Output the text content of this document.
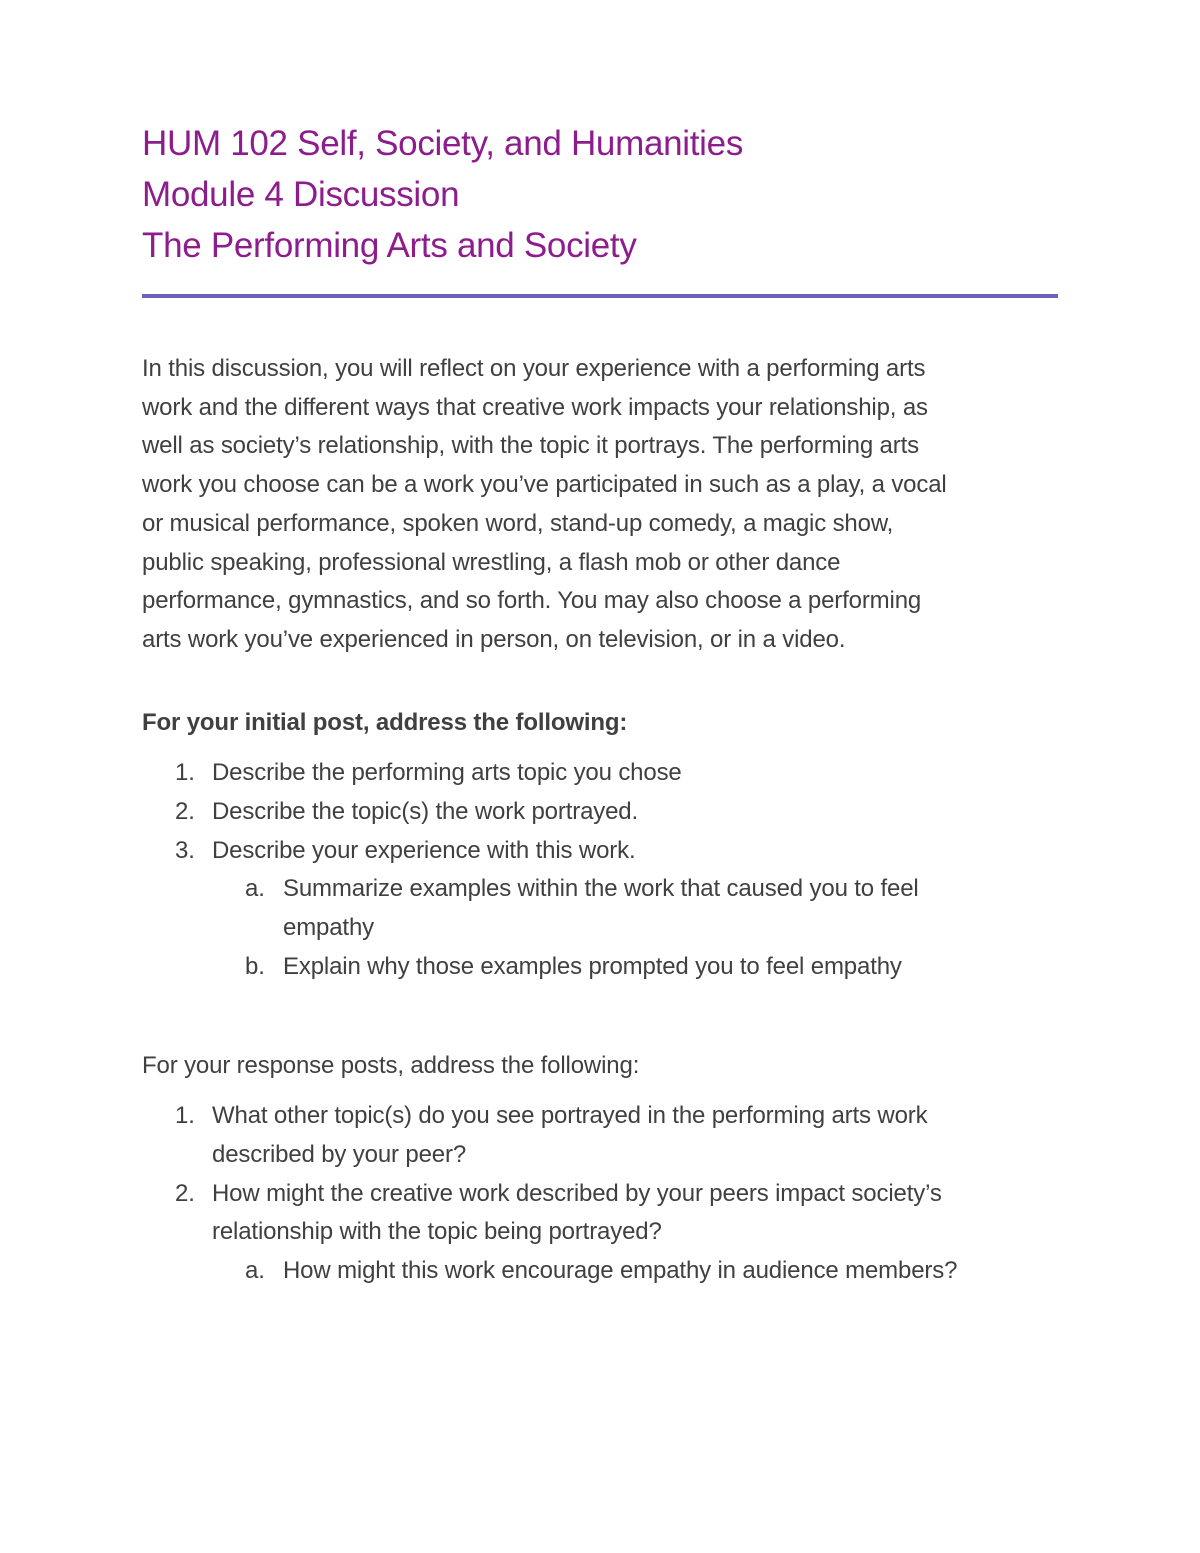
HUM 102 Self, Society, and Humanities
Module 4 Discussion
The Performing Arts and Society
In this discussion, you will reflect on your experience with a performing arts
work and the different ways that creative work impacts your relationship, as
well as society’s relationship, with the topic it portrays. The performing arts
work you choose can be a work you’ve participated in such as a play, a vocal
or musical performance, spoken word, stand-up comedy, a magic show,
public speaking, professional wrestling, a flash mob or other dance
performance, gymnastics, and so forth. You may also choose a performing
arts work you’ve experienced in person, on television, or in a video.
For your initial post, address the following:
1. Describe the performing arts topic you chose
2. Describe the topic(s) the work portrayed.
3. Describe your experience with this work.
a. Summarize examples within the work that caused you to feel
empathy
b. Explain why those examples prompted you to feel empathy
For your response posts, address the following:
1. What other topic(s) do you see portrayed in the performing arts work
described by your peer?
2. How might the creative work described by your peers impact society’s
relationship with the topic being portrayed?
a. How might this work encourage empathy in audience members?
